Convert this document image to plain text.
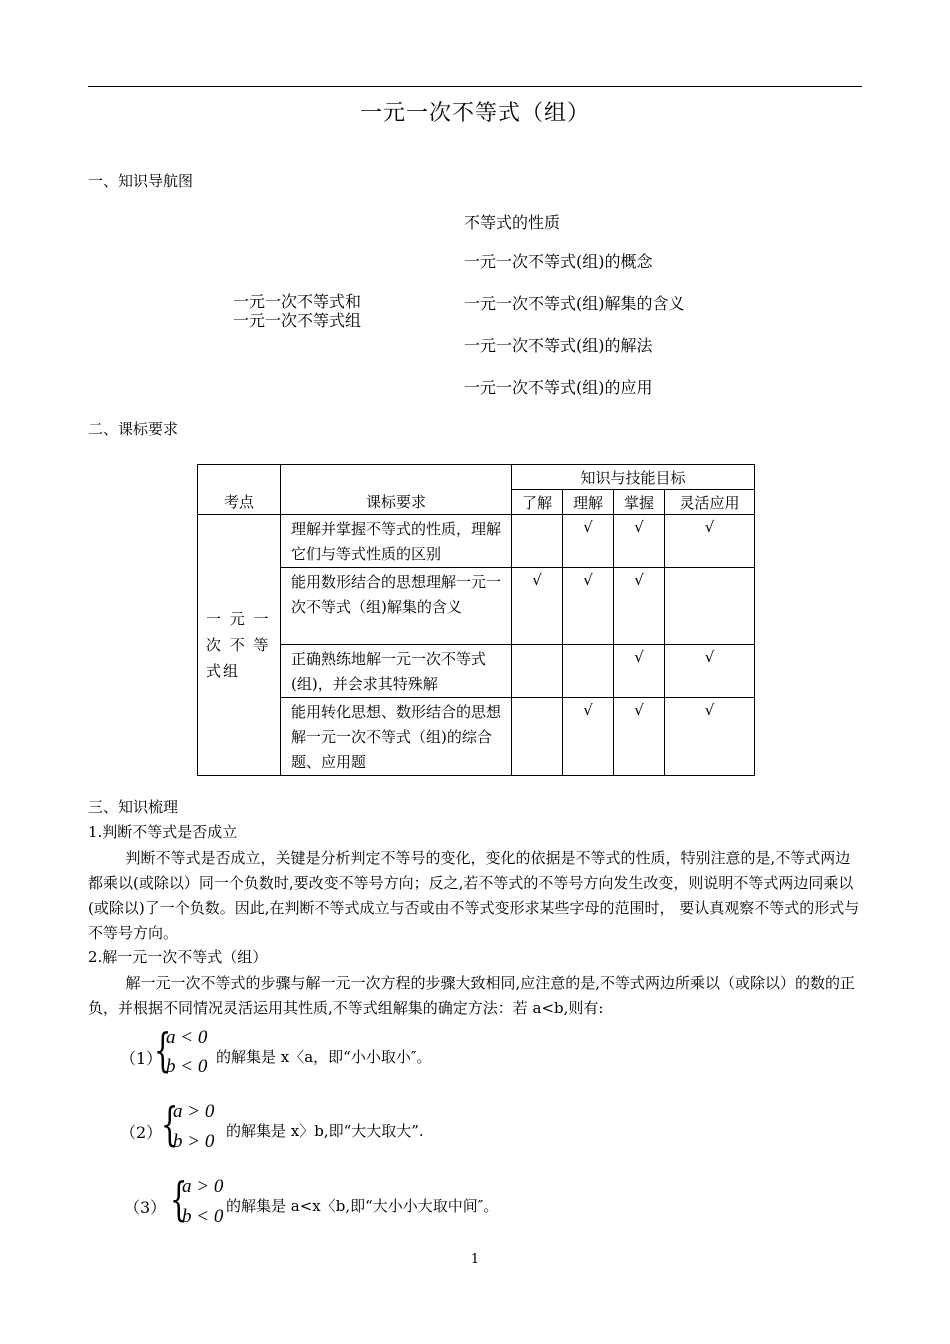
一元一次不等式（组）
一、知识导航图
一元一次不等式和
一元一次不等式组
不等式的性质
一元一次不等式(组)的概念
一元一次不等式(组)解集的含义
一元一次不等式(组)的解法
一元一次不等式(组)的应用
二、课标要求
考点	课标要求	知识与技能目标			
		了解	理解	掌握	灵活应用

一 元 一 次 不 等 式组	理解并掌握不等式的性质，理解它们与等式性质的区别		√	√	√

	能用数形结合的思想理解一元一次不等式（组)解集的含义	√	√	√	

	正确熟练地解一元一次不等式(组)，并会求其特殊解			√	√

	能用转化思想、数形结合的思想解一元一次不等式（组)的综合题、应用题		√	√	√
三、知识梳理
1.判断不等式是否成立
判断不等式是否成立，关键是分析判定不等号的变化，变化的依据是不等式的性质，特别注意的是,不等式两边都乘以(或除以）同一个负数时,要改变不等号方向；反之,若不等式的不等号方向发生改变，则说明不等式两边同乘以(或除以)了一个负数。因此,在判断不等式成立与否或由不等式变形求某些字母的范围时， 要认真观察不等式的形式与不等号方向。
2.解一元一次不等式（组）
解一元一次不等式的步骤与解一元一次方程的步骤大致相同,应注意的是,不等式两边所乘以（或除以）的数的正负，并根据不同情况灵活运用其性质,不等式组解集的确定方法：若 a<b,则有:
（1）
{
a < 0
b < 0 的解集是 x〈a，即“小小取小″。
（2）
{
a > 0
b > 0 的解集是 x〉b,即“大大取大”.
（3） {
a > 0
b < 0 的解集是 a<x〈b,即“大小小大取中间″。
1
